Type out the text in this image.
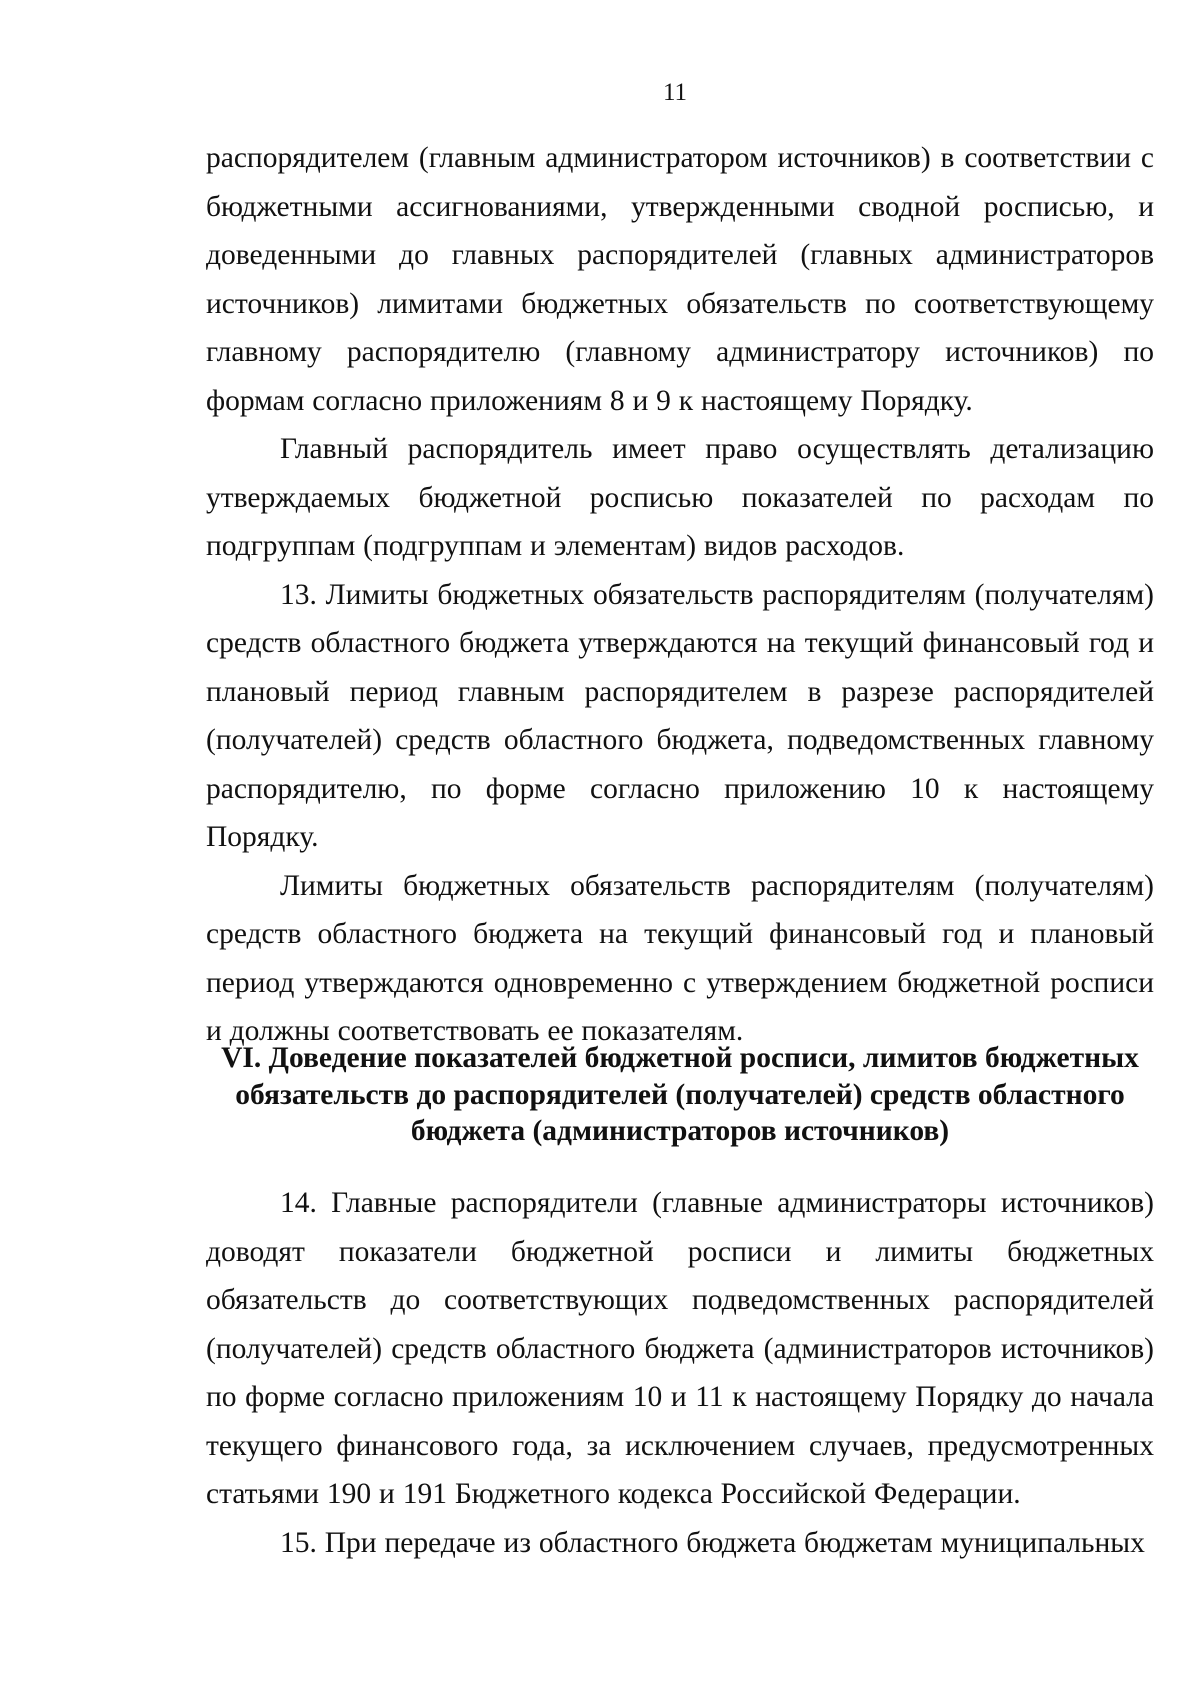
11

распорядителем (главным администратором источников) в соответствии с бюджетными ассигнованиями, утвержденными сводной росписью, и доведенными до главных распорядителей (главных администраторов источников) лимитами бюджетных обязательств по соответствующему главному распорядителю (главному администратору источников) по формам согласно приложениям 8 и 9 к настоящему Порядку.

Главный распорядитель имеет право осуществлять детализацию утверждаемых бюджетной росписью показателей по расходам по подгруппам (подгруппам и элементам) видов расходов.

13. Лимиты бюджетных обязательств распорядителям (получателям) средств областного бюджета утверждаются на текущий финансовый год и плановый период главным распорядителем в разрезе распорядителей (получателей) средств областного бюджета, подведомственных главному распорядителю, по форме согласно приложению 10 к настоящему Порядку.

Лимиты бюджетных обязательств распорядителям (получателям) средств областного бюджета на текущий финансовый год и плановый период утверждаются одновременно с утверждением бюджетной росписи и должны соответствовать ее показателям.

VI. Доведение показателей бюджетной росписи, лимитов бюджетных обязательств до распорядителей (получателей) средств областного бюджета (администраторов источников)

14. Главные распорядители (главные администраторы источников) доводят показатели бюджетной росписи и лимиты бюджетных обязательств до соответствующих подведомственных распорядителей (получателей) средств областного бюджета (администраторов источников) по форме согласно приложениям 10 и 11 к настоящему Порядку до начала текущего финансового года, за исключением случаев, предусмотренных статьями 190 и 191 Бюджетного кодекса Российской Федерации.

15. При передаче из областного бюджета бюджетам муниципальных
